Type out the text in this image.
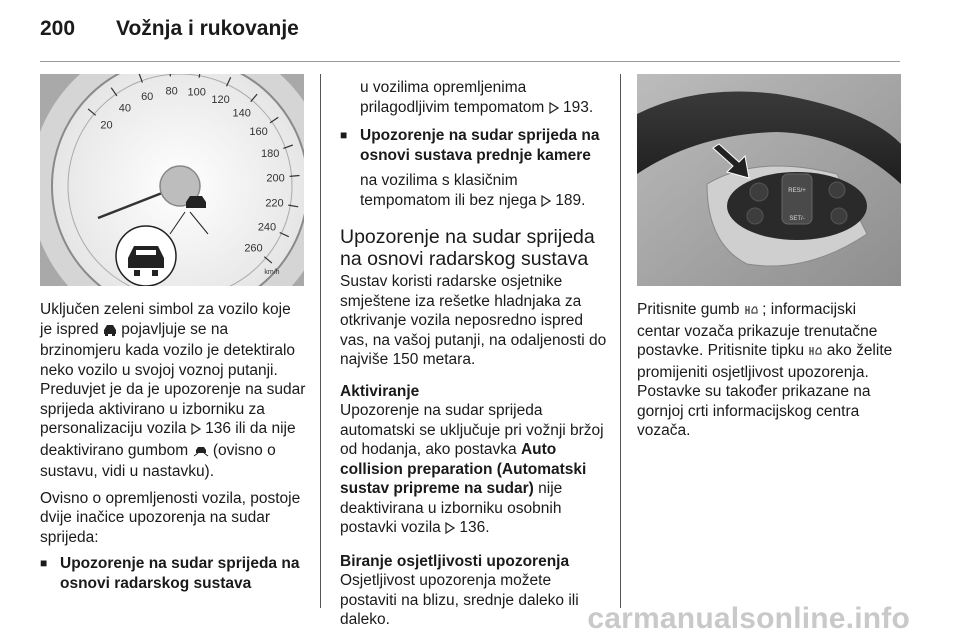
200	Vožnja i rukovanje
20
40
60 80 100
120
140
160
180
200
220
240
260
km/h

Uključen zeleni simbol za vozilo koje je ispred pojavljuje se na brzinomjeru kada vozilo je detektiralo neko vozilo u svojoj voznoj putanji. Preduvjet je da je upozorenje na sudar sprijeda aktivirano u izborniku za personalizaciju vozila 136 ili da nije deaktivirano gumbom (ovisno o sustavu, vidi u nastavku).

Ovisno o opremljenosti vozila, postoje dvije inačice upozorenja na sudar sprijeda:

■ Upozorenje na sudar sprijeda na osnovi radarskog sustava

u vozilima opremljenima prilagodljivim tempomatom 193.

■ Upozorenje na sudar sprijeda na osnovi sustava prednje kamere

na vozilima s klasičnim tempomatom ili bez njega 189.

Upozorenje na sudar sprijeda na osnovi radarskog sustava

Sustav koristi radarske osjetnike smještene iza rešetke hladnjaka za otkrivanje vozila neposredno ispred vas, na vašoj putanji, na odaljenosti do najviše 150 metara.

Aktiviranje

Upozorenje na sudar sprijeda automatski se uključuje pri vožnji bržoj od hodanja, ako postavka Auto collision preparation (Automatski sustav pripreme na sudar) nije deaktivirana u izborniku osobnih postavki vozila 136.

Biranje osjetljivosti upozorenja

Osjetljivost upozorenja možete postaviti na blizu, srednje daleko ili daleko.

RES/+
SET/-

Pritisnite gumb ; informacijski centar vozača prikazuje trenutačne postavke. Pritisnite tipku ako želite promijeniti osjetljivost upozorenja. Postavke su također prikazane na gornjoj crti informacijskog centra vozača.

carmanualsonline.info
